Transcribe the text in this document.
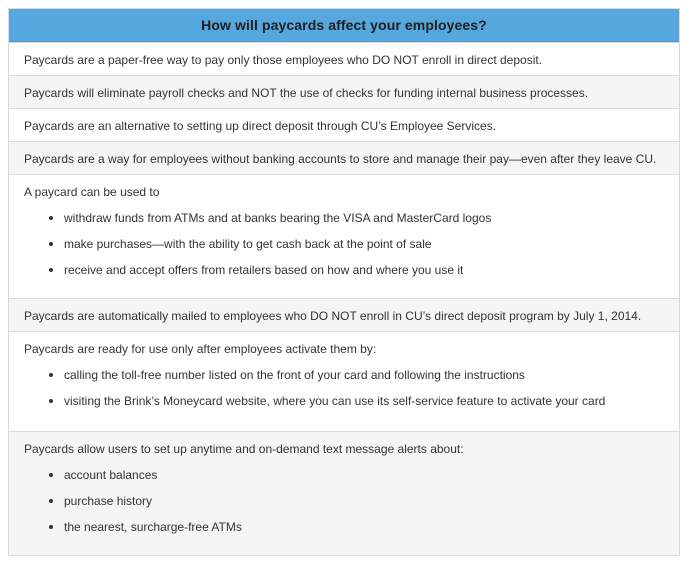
How will paycards affect your employees?

Paycards are a paper-free way to pay only those employees who DO NOT enroll in direct deposit.

Paycards will eliminate payroll checks and NOT the use of checks for funding internal business processes.

Paycards are an alternative to setting up direct deposit through CU’s Employee Services.

Paycards are a way for employees without banking accounts to store and manage their pay—even after they leave CU.

A paycard can be used to

withdraw funds from ATMs and at banks bearing the VISA and MasterCard logos
make purchases—with the ability to get cash back at the point of sale
receive and accept offers from retailers based on how and where you use it

Paycards are automatically mailed to employees who DO NOT enroll in CU’s direct deposit program by July 1, 2014.

Paycards are ready for use only after employees activate them by:

calling the toll-free number listed on the front of your card and following the instructions
visiting the Brink’s Moneycard website, where you can use its self-service feature to activate your card

Paycards allow users to set up anytime and on-demand text message alerts about:

account balances
purchase history
the nearest, surcharge-free ATMs
